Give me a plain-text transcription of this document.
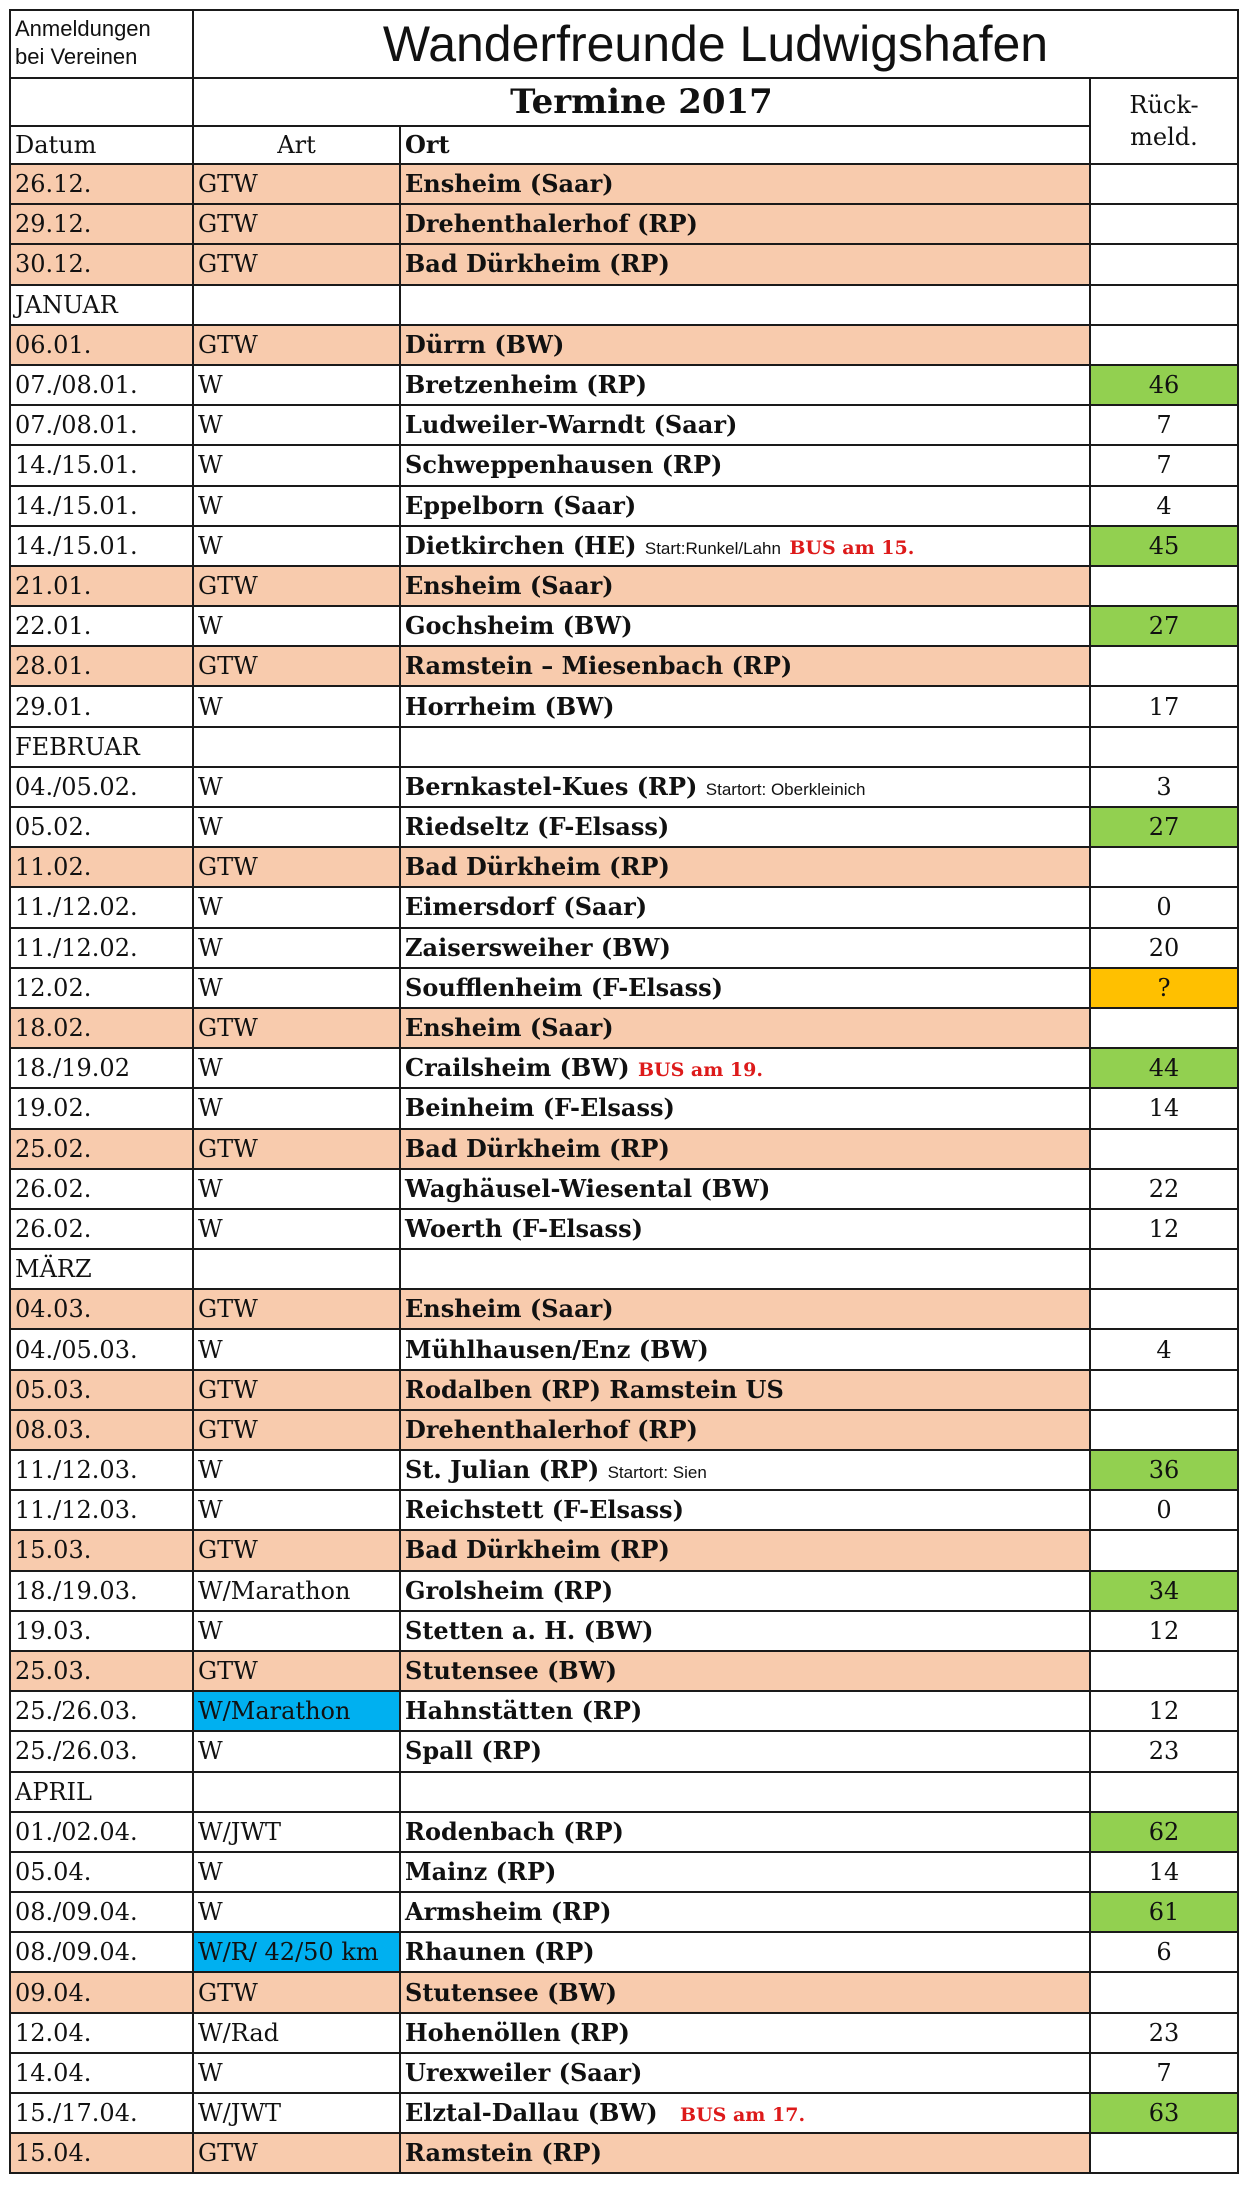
Anmeldungen
bei Vereinen	Wanderfreunde Ludwigshafen		
	Termine 2017		Rück-
meld.
Datum	Art	Ort	
26.12.	GTW	Ensheim (Saar)	
29.12.	GTW	Drehenthalerhof (RP)	
30.12.	GTW	Bad Dürkheim (RP)	
JANUAR			
06.01.	GTW	Dürrn (BW)	
07./08.01.	W	Bretzenheim (RP)	46
07./08.01.	W	Ludweiler-Warndt (Saar)	7
14./15.01.	W	Schweppenhausen (RP)	7
14./15.01.	W	Eppelborn (Saar)	4
14./15.01.	W	Dietkirchen (HE) Start:Runkel/Lahn BUS am 15.	45
21.01.	GTW	Ensheim (Saar)	
22.01.	W	Gochsheim (BW)	27
28.01.	GTW	Ramstein – Miesenbach (RP)	
29.01.	W	Horrheim (BW)	17
FEBRUAR			
04./05.02.	W	Bernkastel-Kues (RP) Startort: Oberkleinich	3
05.02.	W	Riedseltz (F-Elsass)	27
11.02.	GTW	Bad Dürkheim (RP)	
11./12.02.	W	Eimersdorf (Saar)	0
11./12.02.	W	Zaisersweiher (BW)	20
12.02.	W	Soufflenheim (F-Elsass)	?
18.02.	GTW	Ensheim (Saar)	
18./19.02	W	Crailsheim (BW) BUS am 19.	44
19.02.	W	Beinheim (F-Elsass)	14
25.02.	GTW	Bad Dürkheim (RP)	
26.02.	W	Waghäusel-Wiesental (BW)	22
26.02.	W	Woerth (F-Elsass)	12
MÄRZ			
04.03.	GTW	Ensheim (Saar)	
04./05.03.	W	Mühlhausen/Enz (BW)	4
05.03.	GTW	Rodalben (RP) Ramstein US	
08.03.	GTW	Drehenthalerhof (RP)	
11./12.03.	W	St. Julian (RP) Startort: Sien	36
11./12.03.	W	Reichstett (F-Elsass)	0
15.03.	GTW	Bad Dürkheim (RP)	
18./19.03.	W/Marathon	Grolsheim (RP)	34
19.03.	W	Stetten a. H. (BW)	12
25.03.	GTW	Stutensee (BW)	
25./26.03.	W/Marathon	Hahnstätten (RP)	12
25./26.03.	W	Spall (RP)	23
APRIL			
01./02.04.	W/JWT	Rodenbach (RP)	62
05.04.	W	Mainz (RP)	14
08./09.04.	W	Armsheim (RP)	61
08./09.04.	W/R/ 42/50 km	Rhaunen (RP)	6
09.04.	GTW	Stutensee (BW)	
12.04.	W/Rad	Hohenöllen (RP)	23
14.04.	W	Urexweiler (Saar)	7
15./17.04.	W/JWT	Elztal-Dallau (BW) BUS am 17.	63
15.04.	GTW	Ramstein (RP)	
